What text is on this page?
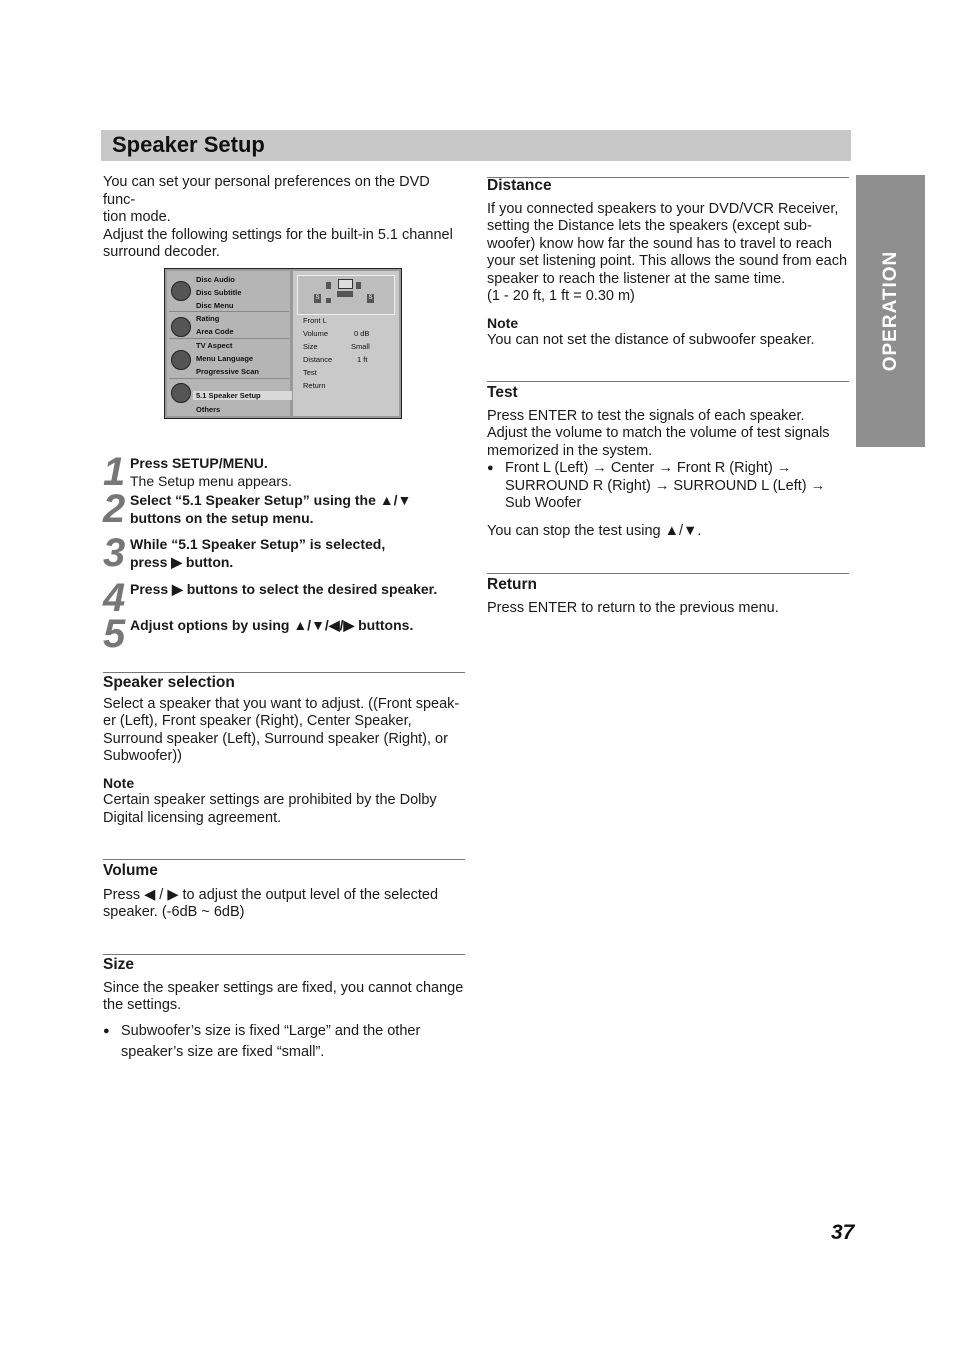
Speaker Setup
OPERATION

You can set your personal preferences on the DVD func-

tion mode.

Adjust the following settings for the built-in 5.1 channel

surround decoder.

Disc Audio
Disc Subtitle
Disc Menu
Rating
Area Code
TV Aspect
Menu Language
Progressive Scan
5.1 Speaker Setup
Others
S	S
Front L
Volume	0 dB
Size	Small
Distance	1 ft
Test
Return
1 Press SETUP/MENU.
The Setup menu appears.
2 Select “5.1 Speaker Setup” using the ▲/▼
buttons on the setup menu.
3 While “5.1 Speaker Setup” is selected,
press ▶ button.
4 Press ▶ buttons to select the desired speaker.
5 Adjust options by using ▲/▼/◀/▶ buttons.
Speaker selection

Select a speaker that you want to adjust. ((Front speak-

er (Left), Front speaker (Right), Center Speaker,

Surround speaker (Left), Surround speaker (Right), or

Subwoofer))

Note

Certain speaker settings are prohibited by the Dolby

Digital licensing agreement.

Volume

Press ◀ / ▶ to adjust the output level of the selected

speaker. (-6dB ~ 6dB)

Size

Since the speaker settings are fixed, you cannot change

the settings.

● Subwoofer’s size is fixed “Large” and the other

speaker’s size are fixed “small”.

Distance

If you connected speakers to your DVD/VCR Receiver,

setting the Distance lets the speakers (except sub-

woofer) know how far the sound has to travel to reach

your set listening point. This allows the sound from each

speaker to reach the listener at the same time.

(1 - 20 ft, 1 ft = 0.30 m)

Note

You can not set the distance of subwoofer speaker.

Test

Press ENTER to test the signals of each speaker.

Adjust the volume to match the volume of test signals

memorized in the system.

● Front L (Left) → Center → Front R (Right) →

SURROUND R (Right) → SURROUND L (Left) →

Sub Woofer

You can stop the test using ▲/▼.

Return

Press ENTER to return to the previous menu.

37
